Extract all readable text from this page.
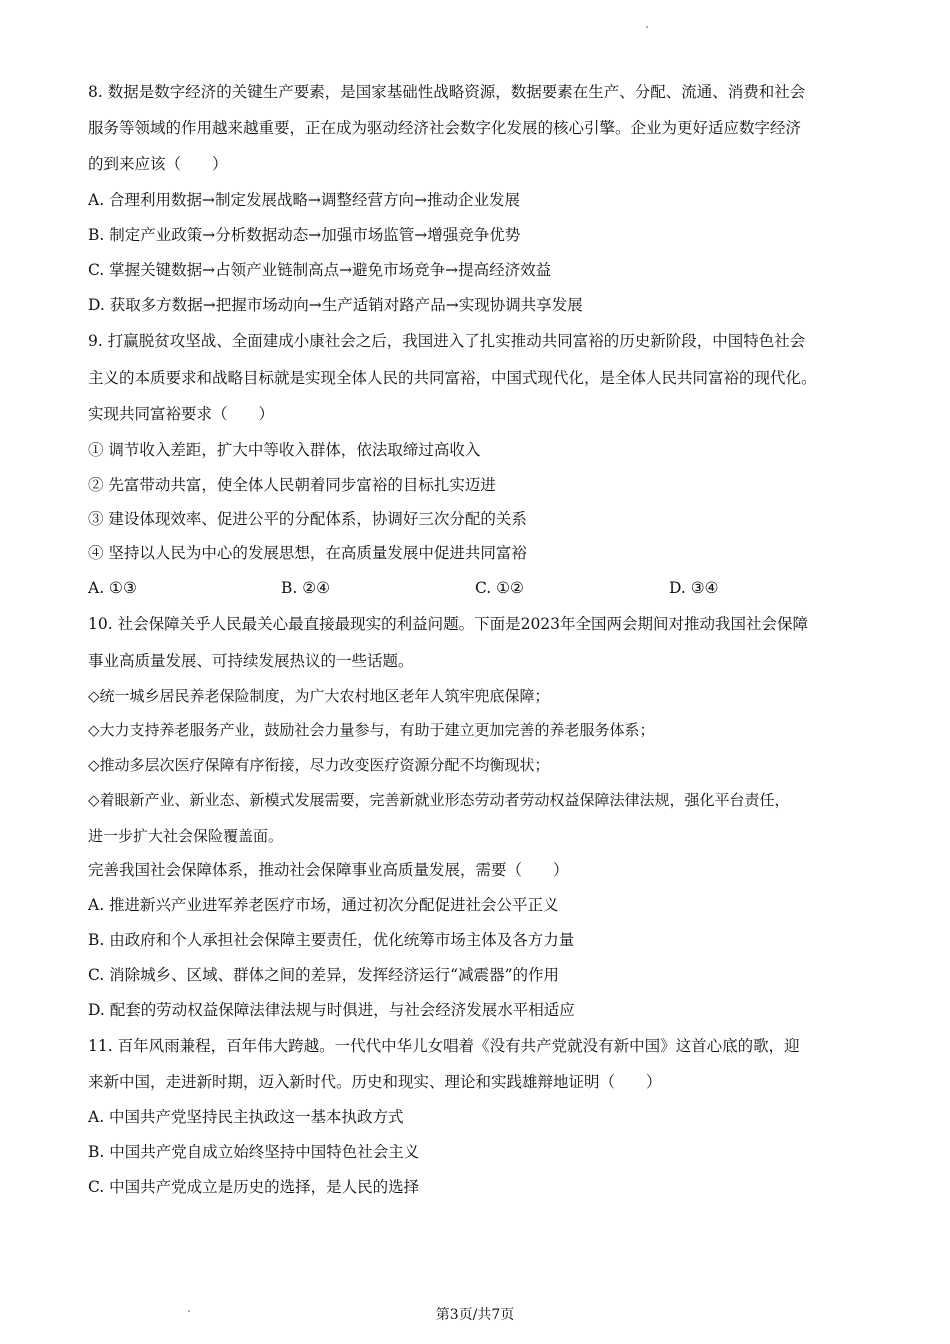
8. 数据是数字经济的关键生产要素，是国家基础性战略资源，数据要素在生产、分配、流通、消费和社会
服务等领域的作用越来越重要，正在成为驱动经济社会数字化发展的核心引擎。企业为更好适应数字经济
的到来应该（　　）
A. 合理利用数据→制定发展战略→调整经营方向→推动企业发展
B. 制定产业政策→分析数据动态→加强市场监管→增强竞争优势
C. 掌握关键数据→占领产业链制高点→避免市场竞争→提高经济效益
D. 获取多方数据→把握市场动向→生产适销对路产品→实现协调共享发展
9. 打赢脱贫攻坚战、全面建成小康社会之后，我国进入了扎实推动共同富裕的历史新阶段，中国特色社会
主义的本质要求和战略目标就是实现全体人民的共同富裕，中国式现代化，是全体人民共同富裕的现代化。
实现共同富裕要求（　　）
① 调节收入差距，扩大中等收入群体，依法取缔过高收入
② 先富带动共富，使全体人民朝着同步富裕的目标扎实迈进
③ 建设体现效率、促进公平的分配体系，协调好三次分配的关系
④ 坚持以人民为中心的发展思想，在高质量发展中促进共同富裕
A. ①③	B. ②④	C. ①②	D. ③④
10. 社会保障关乎人民最关心最直接最现实的利益问题。下面是2023年全国两会期间对推动我国社会保障
事业高质量发展、可持续发展热议的一些话题。
◇统一城乡居民养老保险制度，为广大农村地区老年人筑牢兜底保障；
◇大力支持养老服务产业，鼓励社会力量参与，有助于建立更加完善的养老服务体系；
◇推动多层次医疗保障有序衔接，尽力改变医疗资源分配不均衡现状；
◇着眼新产业、新业态、新模式发展需要，完善新就业形态劳动者劳动权益保障法律法规，强化平台责任，
进一步扩大社会保险覆盖面。
完善我国社会保障体系，推动社会保障事业高质量发展，需要（　　）
A. 推进新兴产业进军养老医疗市场，通过初次分配促进社会公平正义
B. 由政府和个人承担社会保障主要责任，优化统筹市场主体及各方力量
C. 消除城乡、区域、群体之间的差异，发挥经济运行“减震器”的作用
D. 配套的劳动权益保障法律法规与时俱进，与社会经济发展水平相适应
11. 百年风雨兼程，百年伟大跨越。一代代中华儿女唱着《没有共产党就没有新中国》这首心底的歌，迎
来新中国，走进新时期，迈入新时代。历史和现实、理论和实践雄辩地证明（　　）
A. 中国共产党坚持民主执政这一基本执政方式
B. 中国共产党自成立始终坚持中国特色社会主义
C. 中国共产党成立是历史的选择，是人民的选择
第3页/共7页
